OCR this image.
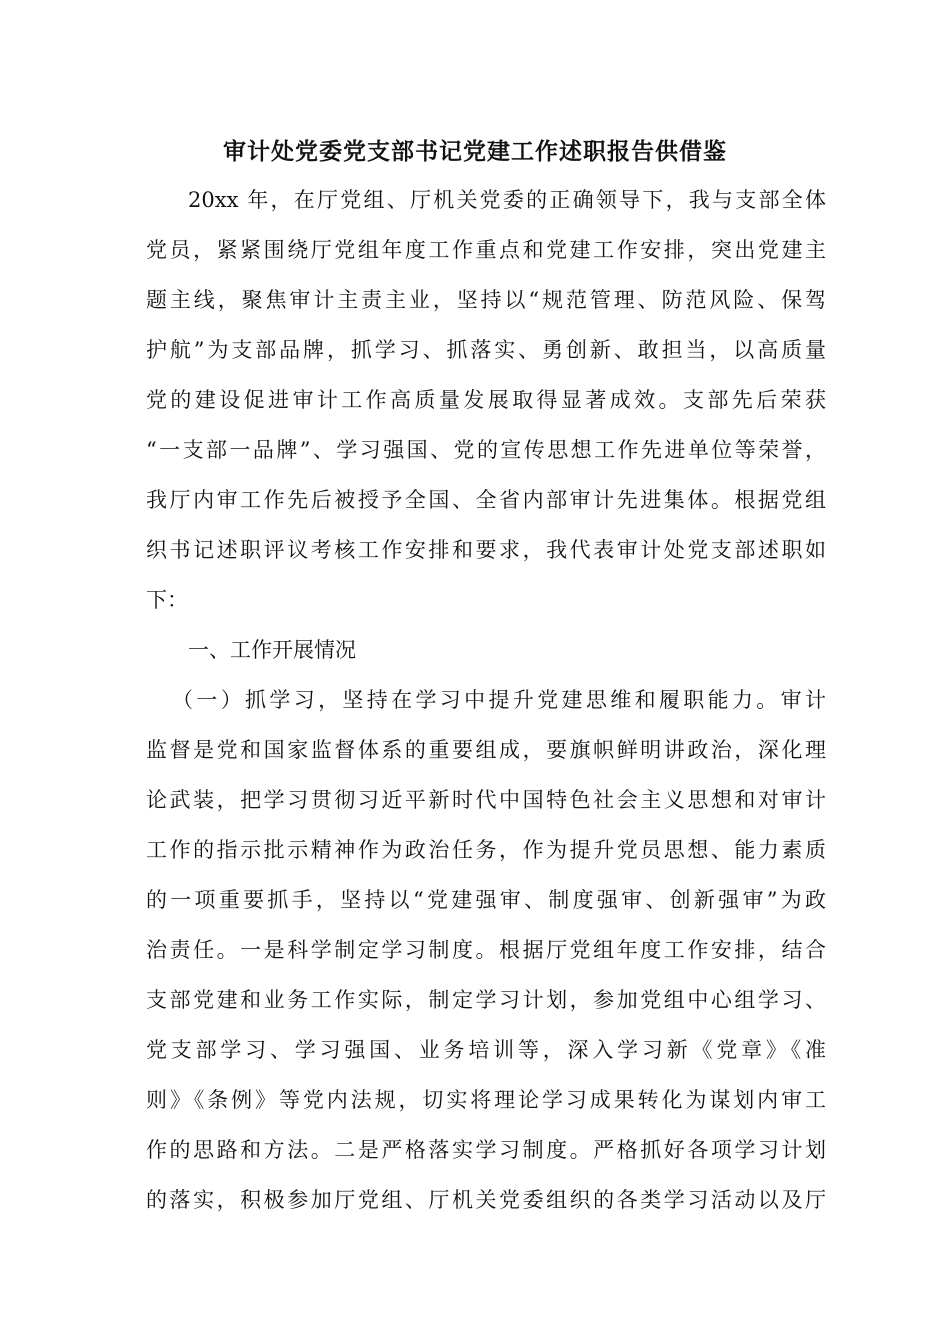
审计处党委党支部书记党建工作述职报告供借鉴
20xx 年，在厅党组、厅机关党委的正确领导下，我与支部全体
党员，紧紧围绕厅党组年度工作重点和党建工作安排，突出党建主
题主线，聚焦审计主责主业，坚持以“规范管理、防范风险、保驾
护航”为支部品牌，抓学习、抓落实、勇创新、敢担当，以高质量
党的建设促进审计工作高质量发展取得显著成效。支部先后荣获
“一支部一品牌”、学习强国、党的宣传思想工作先进单位等荣誉，
我厅内审工作先后被授予全国、全省内部审计先进集体。根据党组
织书记述职评议考核工作安排和要求，我代表审计处党支部述职如
下：
一、工作开展情况
（一）抓学习，坚持在学习中提升党建思维和履职能力。审计
监督是党和国家监督体系的重要组成，要旗帜鲜明讲政治，深化理
论武装，把学习贯彻习近平新时代中国特色社会主义思想和对审计
工作的指示批示精神作为政治任务，作为提升党员思想、能力素质
的一项重要抓手，坚持以“党建强审、制度强审、创新强审”为政
治责任。一是科学制定学习制度。根据厅党组年度工作安排，结合
支部党建和业务工作实际，制定学习计划，参加党组中心组学习、
党支部学习、学习强国、业务培训等，深入学习新《党章》《准
则》《条例》等党内法规，切实将理论学习成果转化为谋划内审工
作的思路和方法。二是严格落实学习制度。严格抓好各项学习计划
的落实，积极参加厅党组、厅机关党委组织的各类学习活动以及厅
